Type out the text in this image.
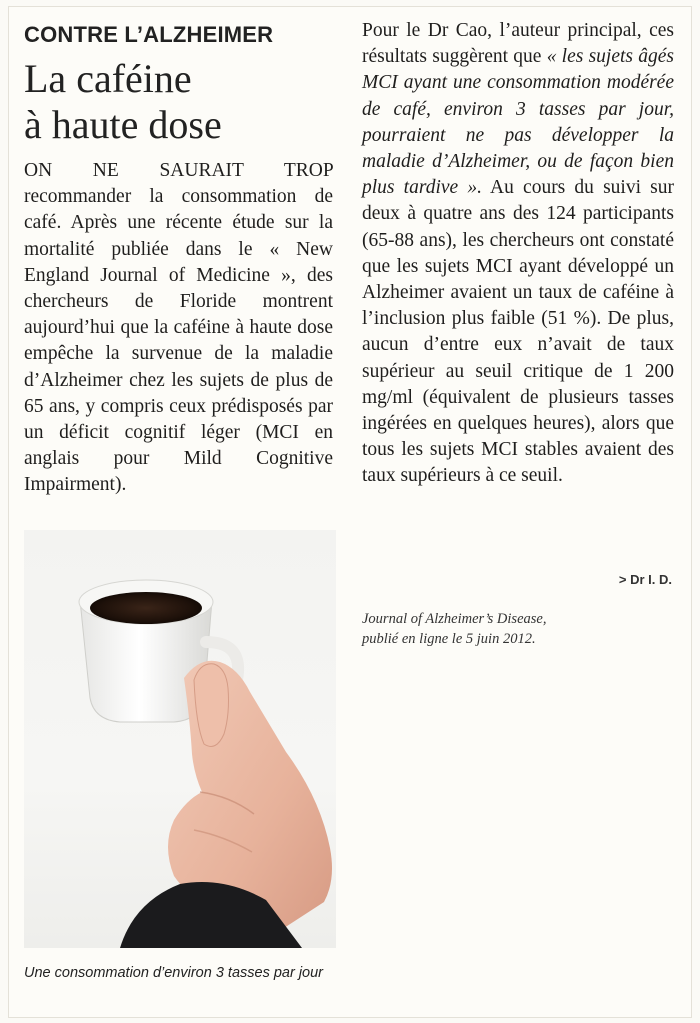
CONTRE L’ALZHEIMER
La caféine
à haute dose
ON NE SAURAIT TROP recommander la consommation de café. Après une récente étude sur la mortalité publiée dans le « New England Journal of Medicine », des chercheurs de Floride montrent aujourd’hui que la caféine à haute dose empêche la survenue de la maladie d’Alzheimer chez les sujets de plus de 65 ans, y compris ceux prédisposés par un déficit cognitif léger (MCI en anglais pour Mild Cognitive Impairment).
Pour le Dr Cao, l’auteur principal, ces résultats suggèrent que « les sujets âgés MCI ayant une consommation modérée de café, environ 3 tasses par jour, pourraient ne pas développer la maladie d’Alzheimer, ou de façon bien plus tardive ». Au cours du suivi sur deux à quatre ans des 124 participants (65-88 ans), les chercheurs ont constaté que les sujets MCI ayant développé un Alzheimer avaient un taux de caféine à l’inclusion plus faible (51 %). De plus, aucun d’entre eux n’avait de taux supérieur au seuil critique de 1 200 mg/ml (équivalent de plusieurs tasses ingérées en quelques heures), alors que tous les sujets MCI stables avaient des taux supérieurs à ce seuil.
> Dr I. D.
Journal of Alzheimer’s Disease,
publié en ligne le 5 juin 2012.
Une consommation d’environ 3 tasses par jour
